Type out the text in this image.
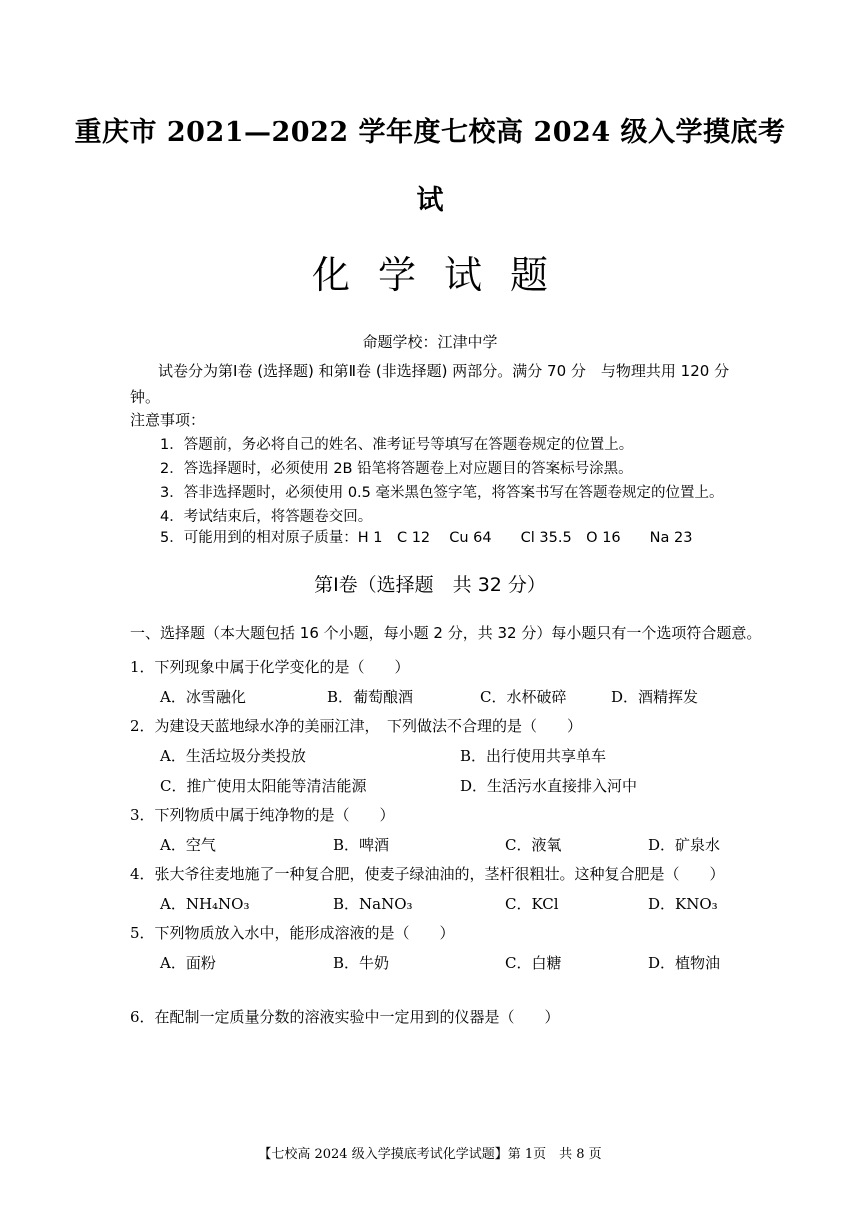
重庆市 2021—2022 学年度七校高 2024 级入学摸底考
试
化学试题
命题学校：江津中学
试卷分为第Ⅰ卷 (选择题) 和第Ⅱ卷 (非选择题) 两部分。满分 70 分　与物理共用 120 分钟。
注意事项：
1．答题前，务必将自己的姓名、准考证号等填写在答题卷规定的位置上。
2．答选择题时，必须使用 2B 铅笔将答题卷上对应题目的答案标号涂黑。
3．答非选择题时，必须使用 0.5 毫米黑色签字笔，将答案书写在答题卷规定的位置上。
4．考试结束后，将答题卷交回。
5．可能用到的相对原子质量：H 1　C 12　 Cu 64　　Cl 35.5　O 16　　Na 23
第Ⅰ卷（选择题　共 32 分）
一、选择题（本大题包括 16 个小题，每小题 2 分，共 32 分）每小题只有一个选项符合题意。
1．下列现象中属于化学变化的是（　　）
A．冰雪融化	B．葡萄酿酒	C．水杯破碎	D．酒精挥发
2．为建设天蓝地绿水净的美丽江津，　下列做法不合理的是（　　）
A．生活垃圾分类投放	B．出行使用共享单车
C．推广使用太阳能等清洁能源	D．生活污水直接排入河中
3．下列物质中属于纯净物的是（　　）
A．空气	B．啤酒	C．液氧	D．矿泉水
4．张大爷往麦地施了一种复合肥，使麦子绿油油的，茎杆很粗壮。这种复合肥是（　　）
A．NH₄NO₃	B．NaNO₃	C．KCl	D．KNO₃
5．下列物质放入水中，能形成溶液的是（　　）
A．面粉	B．牛奶	C．白糖	D．植物油
6．在配制一定质量分数的溶液实验中一定用到的仪器是（　　）
【七校高 2024 级入学摸底考试化学试题】第 1页　共 8 页
